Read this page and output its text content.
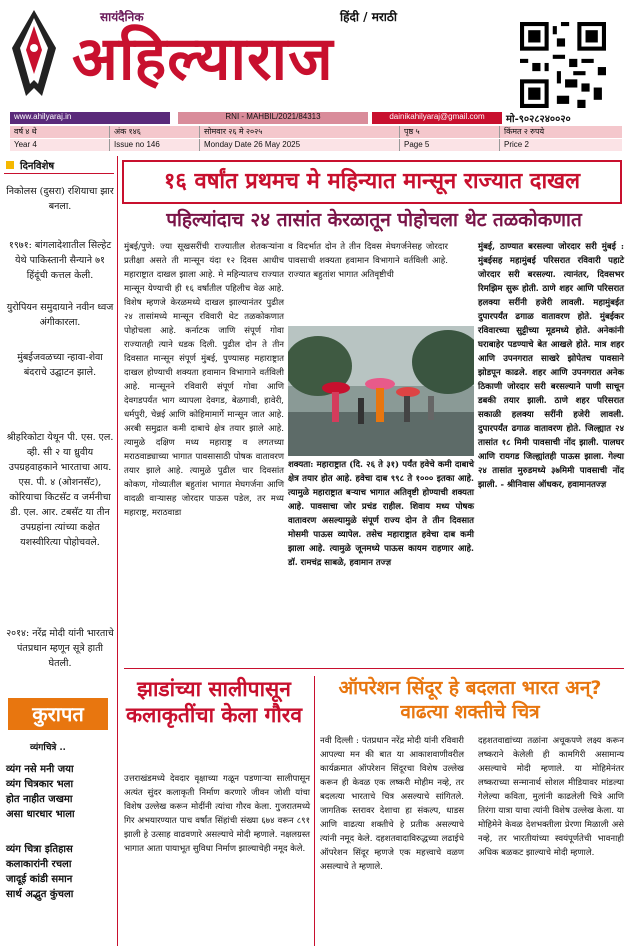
सायंदैनिक	हिंदी / मराठी
अहिल्याराज
www.ahilyaraj.in	RNI - MAHBIL/2021/84313	dainikahilyaraj@gmail.com	मो-९०२८२४००२०
वर्ष ४ थे	अंक १४६	सोमवार २६ मे २०२५	पृष्ठ ५	किंमत २ रुपये
Year 4	Issue no 146	Monday Date 26 May 2025	Page 5	Price 2
दिनविशेष
निकोलस (दुसरा) रशियाचा झार बनला.
१९७१: बांगलादेशातील सिल्हेट येथे पाकिस्तानी सैन्याने ७१ हिंदूंची कत्तल केली.
युरोपियन समुदायाने नवीन ध्वज अंगीकारला.
मुंबईजवळच्या न्हावा-शेवा बंदराचे उद्घाटन झाले.
श्रीहरिकोटा येथून पी. एस. एल. व्ही. सी २ या ध्रुवीय उपग्रहवाहकाने भारताचा आय. एस. पी. ४ (ओशनसॅट), कोरियाचा किटसॅट व जर्मनीचा डी. एल. आर. टबसॅट या तीन उपग्रहांना त्यांच्या कक्षेत यशस्वीरित्या पोहोचवले.
२०१४: नरेंद्र मोदी यांनी भारताचे पंतप्रधान म्हणून सूत्रे हाती घेतली.
कुरापत
व्यंगचित्रे ..
व्यंग नसे मनी जया
व्यंग चित्रकार भला
होत नाहीत जखमा
असा धारधार भाला
व्यंग चित्रा इतिहास
कलाकारांनी रचला
जादूई कांडी समान
सार्थ अद्भुत कुंचला
१६ वर्षांत प्रथमच मे महिन्यात मान्सून राज्यात दाखल
पहिल्यांदाच २४ तासांत केरळातून पोहोचला थेट तळकोकणात
मुंबई/पुणे: ज्या सूखसरींची राज्यातील शेतकऱ्यांना प्रतीक्षा असते ती मान्सून यंदा १२ दिवस आधीच महाराष्ट्रात दाखल झाला आहे. मे महिन्यातच राज्यात मान्सून येण्याची ही १६ वर्षांतील पहिलीच वेळ आहे. विशेष म्हणजे केरळमध्ये दाखल झाल्यानंतर पुढील २४ तासांमध्ये मान्सून रविवारी थेट तळकोकणात पोहोचला आहे. कर्नाटक जाणि संपूर्ण गोवा राज्यातही त्याने धडक दिली. पुढील दोन ते तीन दिवसात मान्सून संपूर्ण मुंबई, पुण्यासह महाराष्ट्रात दाखल होण्याची शक्यता हवामान विभागाने वर्तविली आहे. मान्सूनने रविवारी संपूर्ण गोवा आणि देवगडपर्यंत भाग व्यापला देवगड, बेळगावी, हावेरी, धर्मपुरी, चेन्नई आणि कोहिमामार्गे मान्सून जात आहे. अरबी समुद्रात कमी दाबाचे क्षेत्र तयार झाले आहे. त्यामुळे दक्षिण मध्य महाराष्ट्र व लगतच्या मराठवाड्याच्या भागात पावसासाठी पोषक वातावरण तयार झाले आहे. त्यामुळे पुढील चार दिवसांत कोकण, गोव्यातील बहुतांश भागात मेघगर्जना आणि वादळी वाऱ्यासह जोरदार पाऊस पडेल, तर मध्य महाराष्ट्र, मराठवाडा
व विदर्भात दोन ते तीन दिवस मेघगर्जनेसह जोरदार पावसाची शक्यता हवामान विभागाने वर्तविली आहे. राज्यात बहुतांश भागात अतिवृष्टीची
शक्यता: महाराष्ट्रात (दि. २६ ते ३१) पर्यंत हवेचे कमी दाबाचे क्षेत्र तयार होत आहे. हवेचा दाब ९९८ ते १००० इतका आहे. त्यामुळे महाराष्ट्रात बऱ्याच भागात अतिवृष्टी होण्याची शक्यता आहे. पावसाचा जोर प्रचंड राहील. शिवाय मध्य पोषक वातावरण असल्यामुळे संपूर्ण राज्य दोन ते तीन दिवसात मोसमी पाऊस व्यापेल. तसेच महाराष्ट्रात हवेचा दाब कमी झाला आहे. त्यामुळे जूनमध्ये पाऊस कायम राहणार आहे. डॉ. रामचंद्र साबळे, हवामान तज्ज्ञ
मुंबई, ठाण्यात बरसल्या जोरदार सरी मुंबई : मुंबईसह महामुंबई परिसरात रविवारी पहाटे जोरदार सरी बरसल्या. त्यानंतर, दिवसभर रिमझिम सुरू होती. ठाणे शहर आणि परिसरात हलक्या सरींनी हजेरी लावली. महामुंबईत दुपारपर्यंत ढगाळ वातावरण होते. मुंबईकर रविवारच्या सुट्टीच्या मूडमध्ये होते. अनेकांनी घराबाहेर पडण्याचे बेत आखले होते. मात्र शहर आणि उपनगरात साखरे झोपेतच पावसाने झोडपून काढले. शहर आणि उपनगरात अनेक ठिकाणी जोरदार सरी बरसल्याने पाणी साचून डबकी तयार झाली. ठाणे शहर परिसरात सकाळी हलक्या सरींनी हजेरी लावली. दुपारपर्यंत ढगाळ वातावरण होते. जिल्ह्यात २४ तासांत १८ मिमी पावसाची नोंद झाली. पालघर आणि रायगड जिल्ह्यांतही पाऊस झाला. गेल्या २४ तासांत मुरुडमध्ये ३७मिमी पावसाची नोंद झाली. - श्रीनिवास ऑधकर, हवामानतज्ज्ञ
झाडांच्या सालीपासून कलाकृतींचा केला गौरव
उत्तराखंडमध्ये देवदार वृक्षाच्या गळून पडणाऱ्या सालीपासून अत्यंत सुंदर कलाकृती निर्माण करणारे जीवन जोशी यांचा विशेष उल्लेख करून मोदींनी त्यांचा गौरव केला. गुजरातमध्ये गिर अभयारण्यात पाच वर्षांत सिंहांची संख्या ६७४ वरून ८९१ झाली हे उत्साह वाढवणारे असल्याचे मोदी म्हणाले. नक्षलग्रस्त भागात आता पायाभूत सुविधा निर्माण झाल्याचेही नमूद केले.
ऑपरेशन सिंदूर हे बदलता भारत अन्? वाढत्या शक्तीचे चित्र
नवी दिल्ली : पंतप्रधान नरेंद्र मोदी यांनी रविवारी आपल्या मन की बात या आकाशवाणीवरील कार्यक्रमात ऑपरेशन सिंदूरचा विशेष उल्लेख करून ही केवळ एक लष्करी मोहीम नव्हे, तर बदलत्या भारताचे चित्र असल्याचे सांगितले. जागतिक स्तरावर देशाचा हा संकल्प, धाडस आणि वाढत्या शक्तीचे हे प्रतीक असल्याचे त्यांनी नमूद केले. दहशतवादाविरुद्धच्या लढाईचे ऑपरेशन सिंदूर म्हणजे एक महत्त्वाचे वळण असल्याचे ते म्हणाले.
दहशतवाद्यांच्या तळांना अचूकपणे लक्ष्य करून लष्कराने केलेली ही कामगिरी असामान्य असल्याचे मोदी म्हणाले. या मोहिमेनंतर लष्कराच्या सन्मानार्थ सोशल मीडियावर मांडल्या गेलेल्या कविता, मुलांनी काढलेली चित्रे आणि तिरंगा यात्रा याचा त्यांनी विशेष उल्लेख केला. या मोहिमेने केवळ देशभक्तीला प्रेरणा मिळाली असे नव्हे, तर भारतीयांच्या स्वयंपूर्णतेची भावनाही अधिक बळकट झाल्याचे मोदी म्हणाले.
